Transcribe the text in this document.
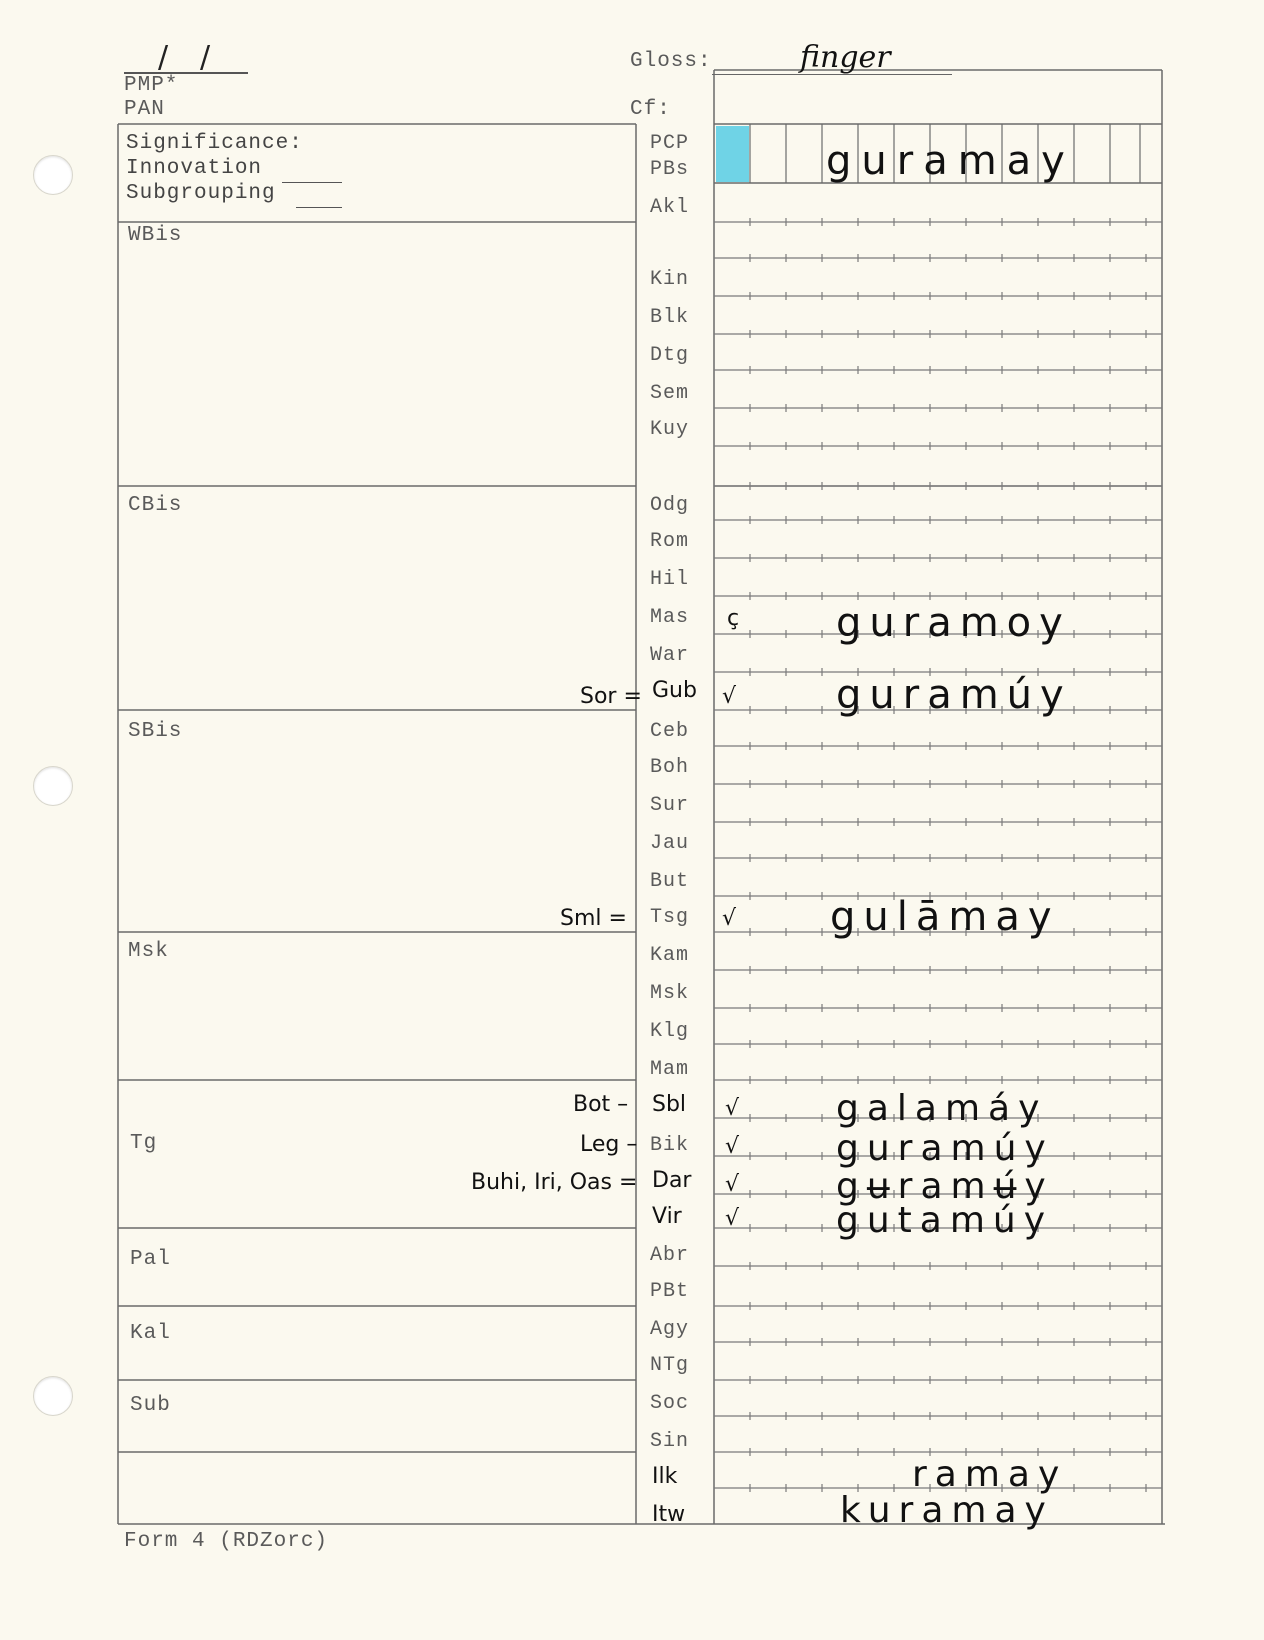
/ /
PMP*
PAN
Gloss:	finger
Cf:
Significance:
Innovation
Subgrouping
WBis
CBis
SBis
Msk
Tg
Pal
Kal
Sub
PCP
PBs
Akl
Kin
Blk
Dtg
Sem
Kuy
Odg
Rom
Hil
Mas
War
Gub
Ceb
Boh
Sur
Jau
But
Tsg
Kam
Msk
Klg
Mam
Sbl
Bik
Dar
Vir
Abr
PBt
Agy
NTg
Soc
Sin
Ilk
Itw
Sor =
Sml =
Bot –
Leg –
Buhi, Iri, Oas =
ç
√
√
√
√
√
√
guramay
guramoy
guramúy
gulāmay
galamáy
guramúy
gʉramʉ́y
gutamúy
ramay
kuramay
Form 4 (RDZorc)
